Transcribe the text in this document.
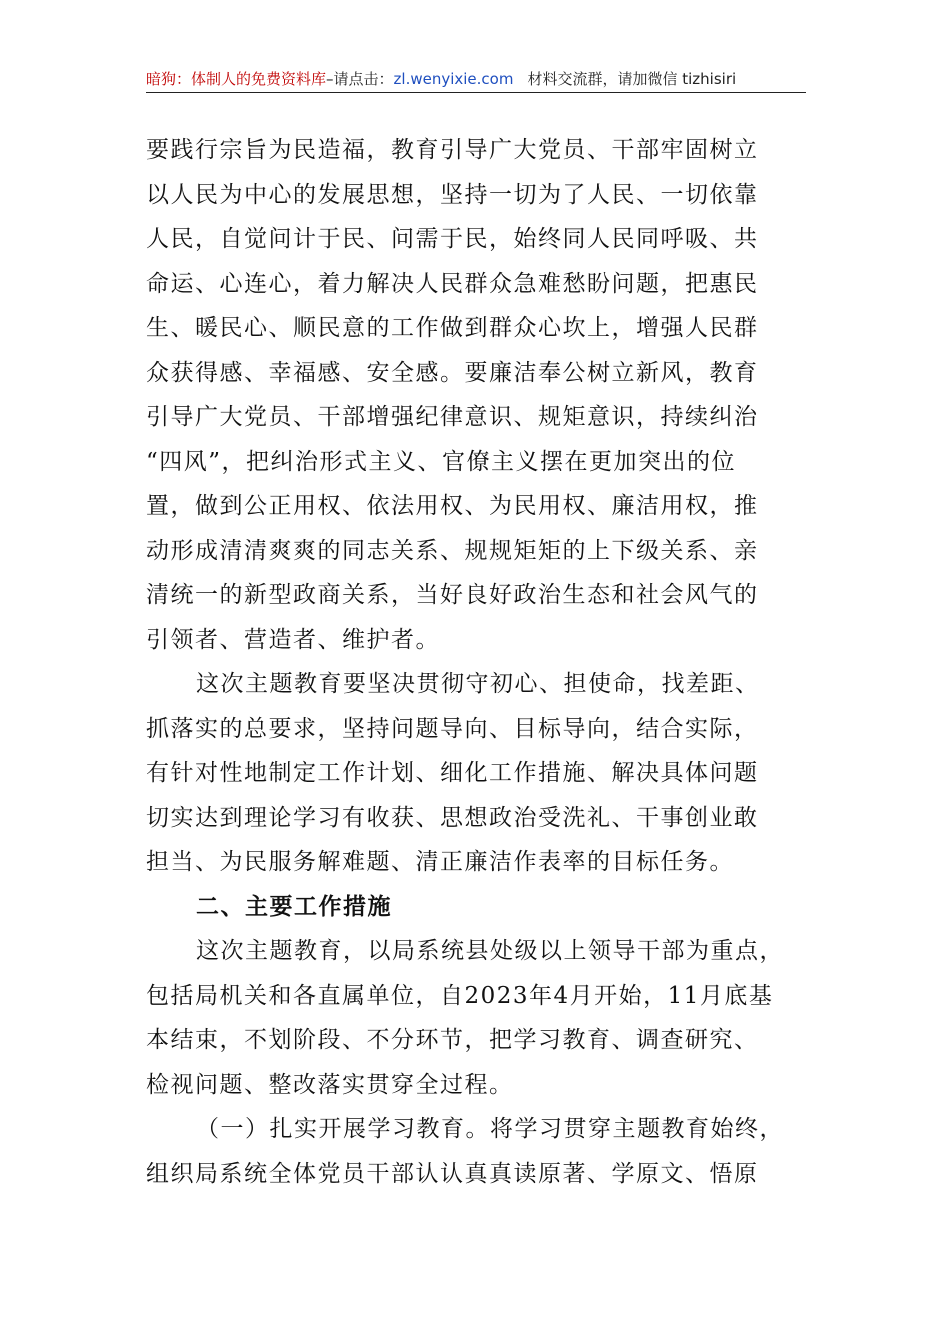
暗狗：体制人的免费资料库–请点击：zl.wenyixie.com 材料交流群，请加微信 tizhisiri
要践行宗旨为民造福，教育引导广大党员、干部牢固树立
以人民为中心的发展思想，坚持一切为了人民、一切依靠
人民，自觉问计于民、问需于民，始终同人民同呼吸、共
命运、心连心，着力解决人民群众急难愁盼问题，把惠民
生、暖民心、顺民意的工作做到群众心坎上，增强人民群
众获得感、幸福感、安全感。要廉洁奉公树立新风，教育
引导广大党员、干部增强纪律意识、规矩意识，持续纠治
“四风”，把纠治形式主义、官僚主义摆在更加突出的位
置，做到公正用权、依法用权、为民用权、廉洁用权，推
动形成清清爽爽的同志关系、规规矩矩的上下级关系、亲
清统一的新型政商关系，当好良好政治生态和社会风气的
引领者、营造者、维护者。
这次主题教育要坚决贯彻守初心、担使命，找差距、
抓落实的总要求，坚持问题导向、目标导向，结合实际，
有针对性地制定工作计划、细化工作措施、解决具体问题
切实达到理论学习有收获、思想政治受洗礼、干事创业敢
担当、为民服务解难题、清正廉洁作表率的目标任务。
二、主要工作措施
这次主题教育，以局系统县处级以上领导干部为重点，
包括局机关和各直属单位，自2023年4月开始，11月底基
本结束，不划阶段、不分环节，把学习教育、调查研究、
检视问题、整改落实贯穿全过程。
（一）扎实开展学习教育。将学习贯穿主题教育始终，
组织局系统全体党员干部认认真真读原著、学原文、悟原
